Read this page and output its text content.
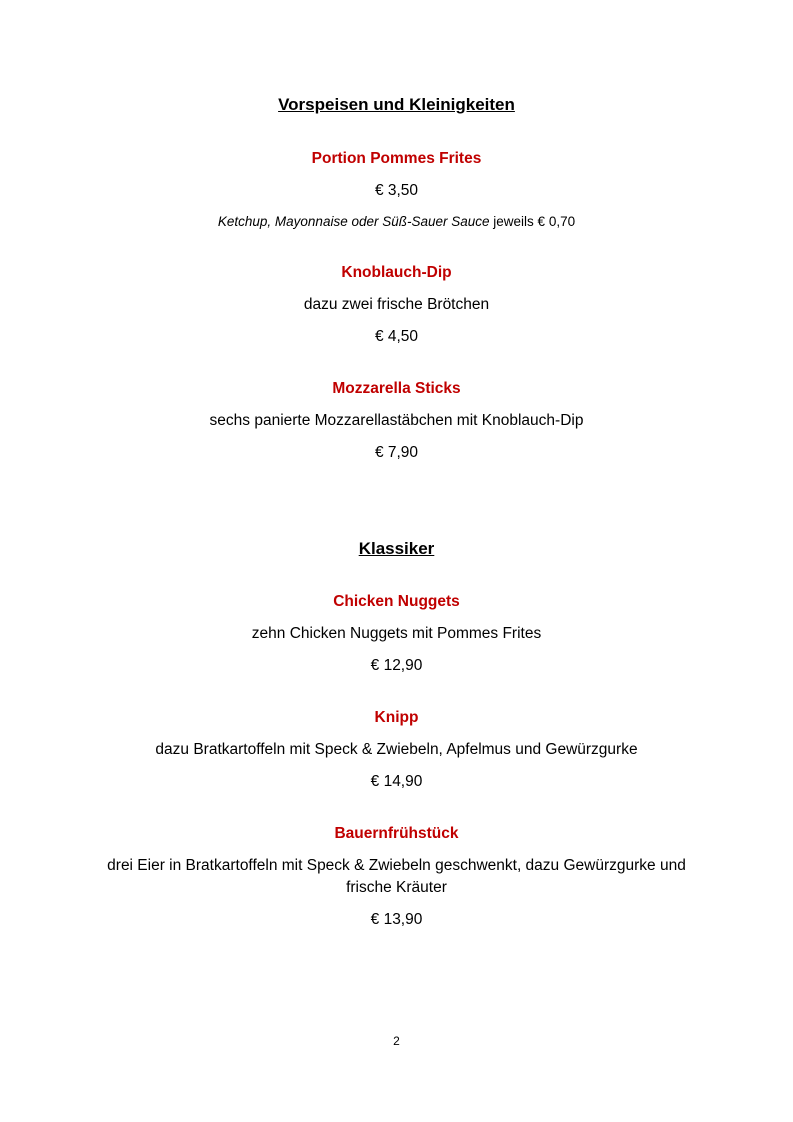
Vorspeisen und Kleinigkeiten
Portion Pommes Frites
€ 3,50
Ketchup, Mayonnaise oder Süß-Sauer Sauce jeweils € 0,70
Knoblauch-Dip
dazu zwei frische Brötchen
€ 4,50
Mozzarella Sticks
sechs panierte Mozzarellastäbchen mit Knoblauch-Dip
€ 7,90
Klassiker
Chicken Nuggets
zehn Chicken Nuggets mit Pommes Frites
€ 12,90
Knipp
dazu Bratkartoffeln mit Speck & Zwiebeln, Apfelmus und Gewürzgurke
€ 14,90
Bauernfrühstück
drei Eier in Bratkartoffeln mit Speck & Zwiebeln geschwenkt, dazu Gewürzgurke und frische Kräuter
€ 13,90
2
